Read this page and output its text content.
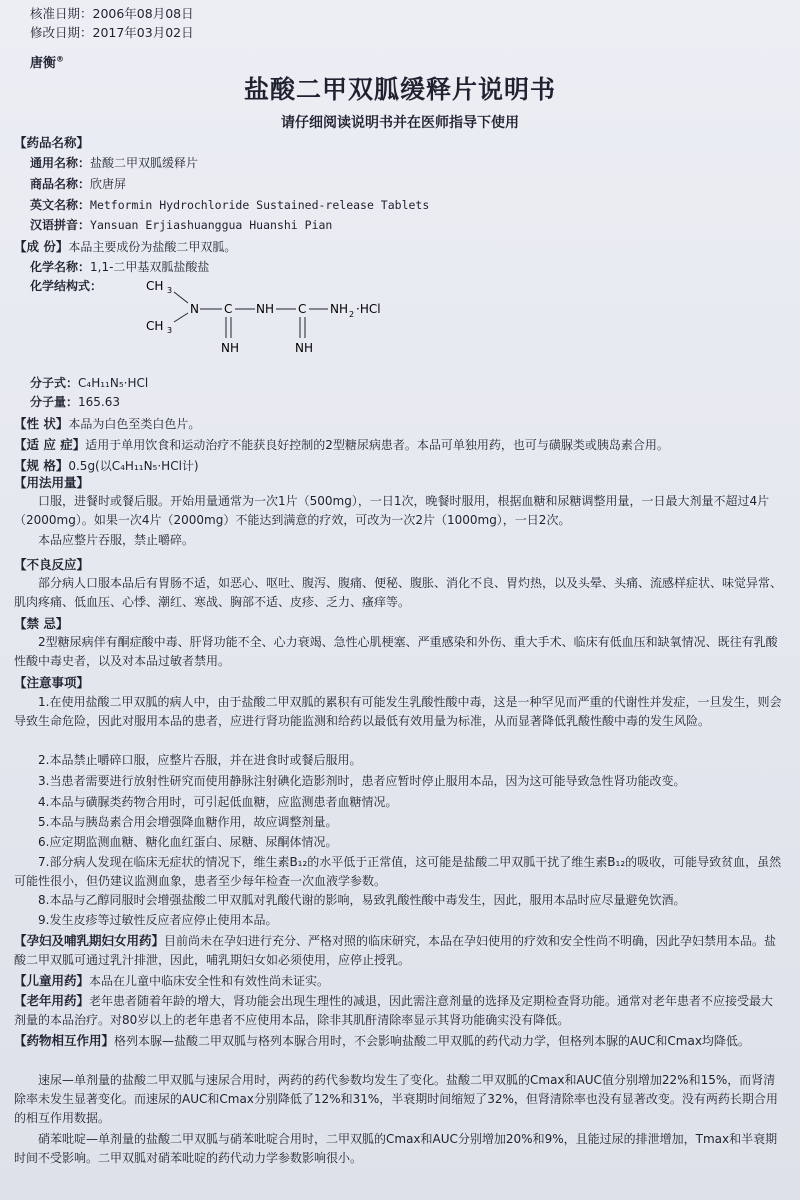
核准日期：2006年08月08日
修改日期：2017年03月02日
唐衡®
盐酸二甲双胍缓释片说明书
请仔细阅读说明书并在医师指导下使用
【药品名称】
通用名称：盐酸二甲双胍缓释片
商品名称：欣唐屏
英文名称：Metformin Hydrochloride Sustained-release Tablets
汉语拼音：Yansuan Erjiashuanggua Huanshi Pian
【成 份】本品主要成份为盐酸二甲双胍。
化学名称：1,1-二甲基双胍盐酸盐
化学结构式：	CH 3
CH 3
N C NH C NH 2 ·HCl
NH	NH
分子式：C₄H₁₁N₅·HCl
分子量：165.63
【性 状】本品为白色至类白色片。
【适 应 症】适用于单用饮食和运动治疗不能获良好控制的2型糖尿病患者。本品可单独用药，也可与磺脲类或胰岛素合用。
【规 格】0.5g(以C₄H₁₁N₅·HCl计)
【用法用量】
口服，进餐时或餐后服。开始用量通常为一次1片（500mg），一日1次，晚餐时服用，根据血糖和尿糖调整用量，一日最大剂量不超过4片（2000mg）。如果一次4片（2000mg）不能达到满意的疗效，可改为一次2片（1000mg），一日2次。
本品应整片吞服，禁止嚼碎。
【不良反应】
部分病人口服本品后有胃肠不适，如恶心、呕吐、腹泻、腹痛、便秘、腹胀、消化不良、胃灼热，以及头晕、头痛、流感样症状、味觉异常、肌肉疼痛、低血压、心悸、潮红、寒战、胸部不适、皮疹、乏力、瘙痒等。
【禁 忌】
2型糖尿病伴有酮症酸中毒、肝肾功能不全、心力衰竭、急性心肌梗塞、严重感染和外伤、重大手术、临床有低血压和缺氧情况、既往有乳酸性酸中毒史者，以及对本品过敏者禁用。
【注意事项】
1.在使用盐酸二甲双胍的病人中，由于盐酸二甲双胍的累积有可能发生乳酸性酸中毒，这是一种罕见而严重的代谢性并发症，一旦发生，则会导致生命危险，因此对服用本品的患者，应进行肾功能监测和给药以最低有效用量为标准，从而显著降低乳酸性酸中毒的发生风险。
2.本品禁止嚼碎口服，应整片吞服，并在进食时或餐后服用。
3.当患者需要进行放射性研究而使用静脉注射碘化造影剂时，患者应暂时停止服用本品，因为这可能导致急性肾功能改变。
4.本品与磺脲类药物合用时，可引起低血糖，应监测患者血糖情况。
5.本品与胰岛素合用会增强降血糖作用，故应调整剂量。
6.应定期监测血糖、糖化血红蛋白、尿糖、尿酮体情况。
7.部分病人发现在临床无症状的情况下，维生素B₁₂的水平低于正常值，这可能是盐酸二甲双胍干扰了维生素B₁₂的吸收，可能导致贫血，虽然可能性很小，但仍建议监测血象，患者至少每年检查一次血液学参数。
8.本品与乙醇同服时会增强盐酸二甲双胍对乳酸代谢的影响，易致乳酸性酸中毒发生，因此，服用本品时应尽量避免饮酒。
9.发生皮疹等过敏性反应者应停止使用本品。
【孕妇及哺乳期妇女用药】目前尚未在孕妇进行充分、严格对照的临床研究，本品在孕妇使用的疗效和安全性尚不明确，因此孕妇禁用本品。盐酸二甲双胍可通过乳汁排泄，因此，哺乳期妇女如必须使用，应停止授乳。
【儿童用药】本品在儿童中临床安全性和有效性尚未证实。
【老年用药】老年患者随着年龄的增大，肾功能会出现生理性的减退，因此需注意剂量的选择及定期检查肾功能。通常对老年患者不应接受最大剂量的本品治疗。对80岁以上的老年患者不应使用本品，除非其肌酐清除率显示其肾功能确实没有降低。
【药物相互作用】格列本脲—盐酸二甲双胍与格列本脲合用时，不会影响盐酸二甲双胍的药代动力学，但格列本脲的AUC和Cmax均降低。
速尿—单剂量的盐酸二甲双胍与速尿合用时，两药的药代参数均发生了变化。盐酸二甲双胍的Cmax和AUC值分别增加22%和15%，而肾清除率未发生显著变化。而速尿的AUC和Cmax分别降低了12%和31%，半衰期时间缩短了32%，但肾清除率也没有显著改变。没有两药长期合用的相互作用数据。
硝苯吡啶—单剂量的盐酸二甲双胍与硝苯吡啶合用时，二甲双胍的Cmax和AUC分别增加20%和9%，且能过尿的排泄增加，Tmax和半衰期时间不受影响。二甲双胍对硝苯吡啶的药代动力学参数影响很小。
